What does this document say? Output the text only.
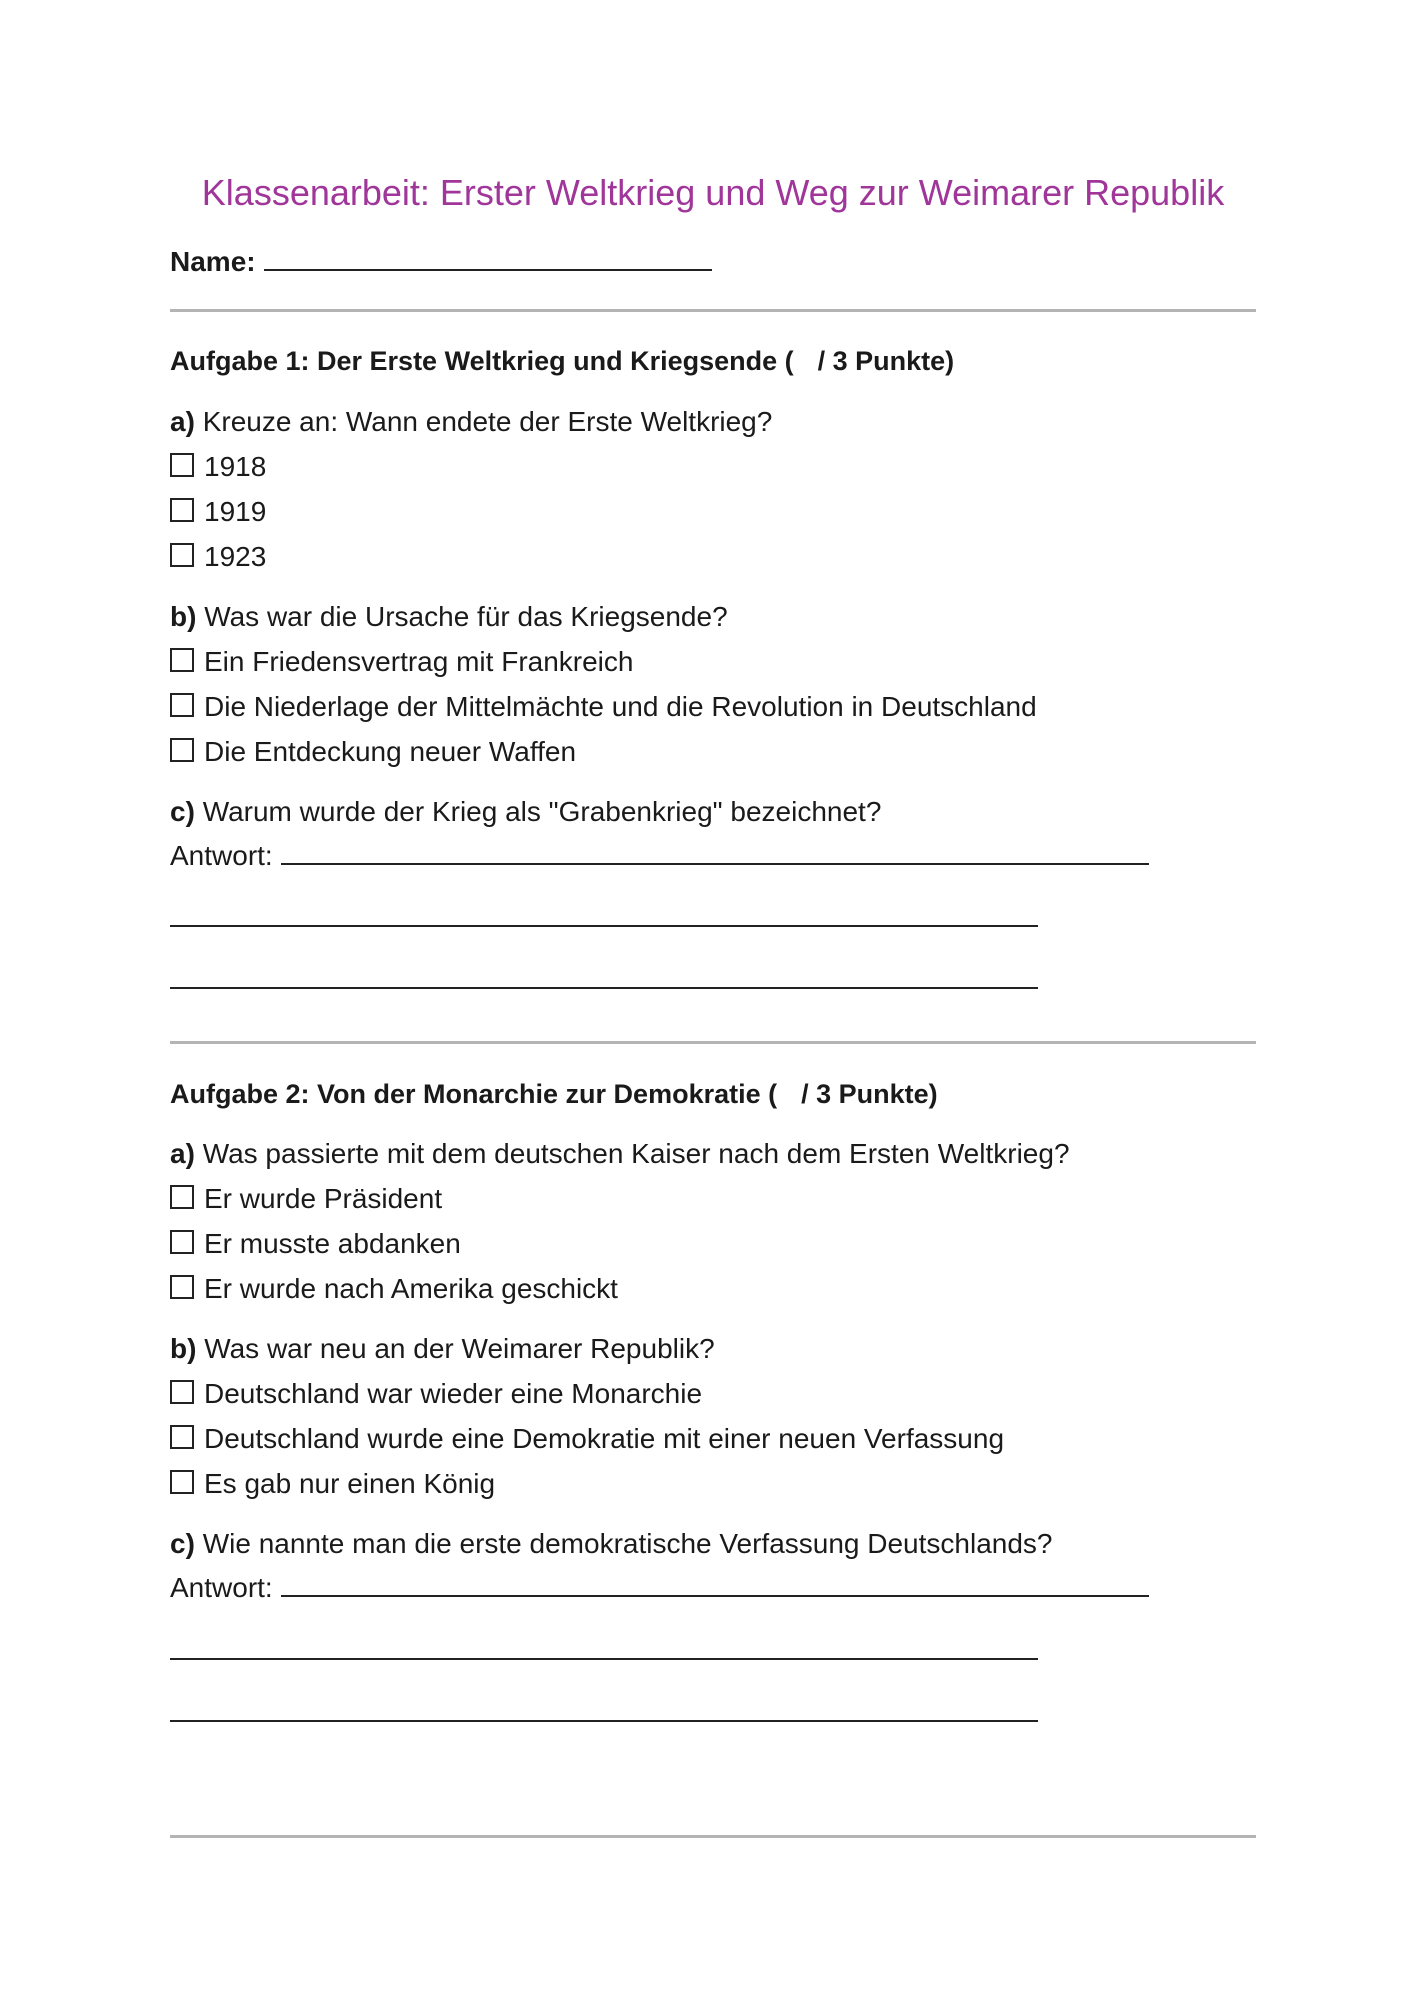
Klassenarbeit: Erster Weltkrieg und Weg zur Weimarer Republik
Name:
Aufgabe 1: Der Erste Weltkrieg und Kriegsende ( / 3 Punkte)
a) Kreuze an: Wann endete der Erste Weltkrieg?
1918
1919
1923
b) Was war die Ursache für das Kriegsende?
Ein Friedensvertrag mit Frankreich
Die Niederlage der Mittelmächte und die Revolution in Deutschland
Die Entdeckung neuer Waffen
c) Warum wurde der Krieg als "Grabenkrieg" bezeichnet?
Antwort:
Aufgabe 2: Von der Monarchie zur Demokratie ( / 3 Punkte)
a) Was passierte mit dem deutschen Kaiser nach dem Ersten Weltkrieg?
Er wurde Präsident
Er musste abdanken
Er wurde nach Amerika geschickt
b) Was war neu an der Weimarer Republik?
Deutschland war wieder eine Monarchie
Deutschland wurde eine Demokratie mit einer neuen Verfassung
Es gab nur einen König
c) Wie nannte man die erste demokratische Verfassung Deutschlands?
Antwort:
